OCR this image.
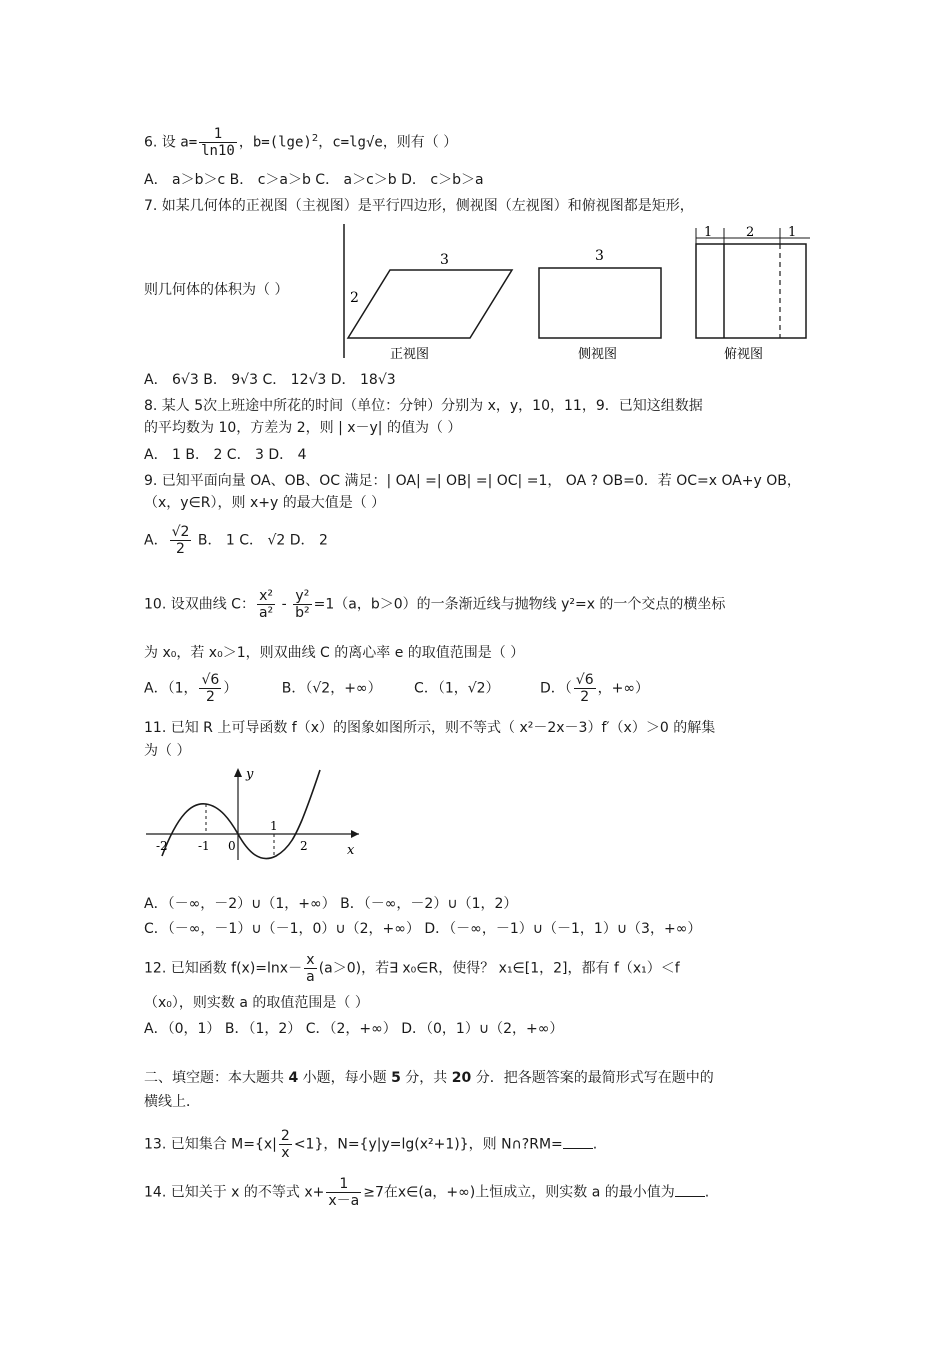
6. 设 $a= \frac{1}{\ln 10}$ ，$b=(\lg e)^2$，c=lg√e，则有（ ）
A． a＞b＞c B． c＞a＞b C． a＞c＞b D． c＞b＞a
7. 如某几何体的正视图（主视图）是平行四边形，侧视图（左视图）和俯视图都是矩形，
则几何体的体积为（ ）
3
2
正视图
3
侧视图
1	2	1
俯视图
A． 6√3 B． 9√3 C． 12√3 D． 18√3
8. 某人 5次上班途中所花的时间（单位：分钟）分别为 x，y，10，11，9．已知这组数据
的平均数为 10，方差为 2，则 | x－y| 的值为（ ）
A． 1 B． 2 C． 3 D． 4
9. 已知平面向量 OA、OB、OC 满足：| OA| =| OB| =| OC| =1， OA ? OB=0．若 OC=x OA+y OB，
（x，y∈R），则 x+y 的最大值是（ ）
A． $\frac{√2}{2}$ B． 1 C． √2 D． 2
10. 设双曲线 C： $\frac{\text{x²}}{\text{a²}} - \frac{\text{y²}}{\text{b²}} =1(a$，b＞0）的一条渐近线与抛物线 y²=x 的一个交点的横坐标
为 x₀，若 x₀＞1，则双曲线 C 的离心率 e 的取值范围是（ ）
A．（1， $\frac{√6}{2}$ ）	B．（√2，+∞） C．（1，√2）	D．（ $\frac{√6}{2}$ ，+∞）
11. 已知 R 上可导函数 f（x）的图象如图所示，则不等式（ x²－2x－3）f′（x）＞0 的解集
为（ ）
y
x
-2	-1 0
1
2
A．（－∞，－2）∪（1，+∞） B．（－∞，－2）∪（1，2）
C．（－∞，－1）∪（－1，0）∪（2，+∞） D．（－∞，－1）∪（－1，1）∪（3，+∞）
12. 已知函数 $f(x)=\ln x- \frac{x}{a} (a>0)$，若∃ x₀∈R，使得？ x₁∈[1，2]，都有 f（x₁）＜f
（x₀），则实数 a 的取值范围是（ ）
A．（0，1） B．（1，2） C．（2，+∞） D．（0，1）∪（2，+∞）
二、填空题：本大题共 4 小题，每小题 5 分，共 20 分．把各题答案的最简形式写在题中的
横线上．
13. 已知集合 $M=\{x| \frac{2}{x} <1\}$，N={y|y=lg(x²+1)}，则 N∩?RM= .
14. 已知关于 x 的不等式 $x+ \frac{1}{x-a} \ge 7$在x∈(a，+∞)上恒成立，则实数 a 的最小值为 .
